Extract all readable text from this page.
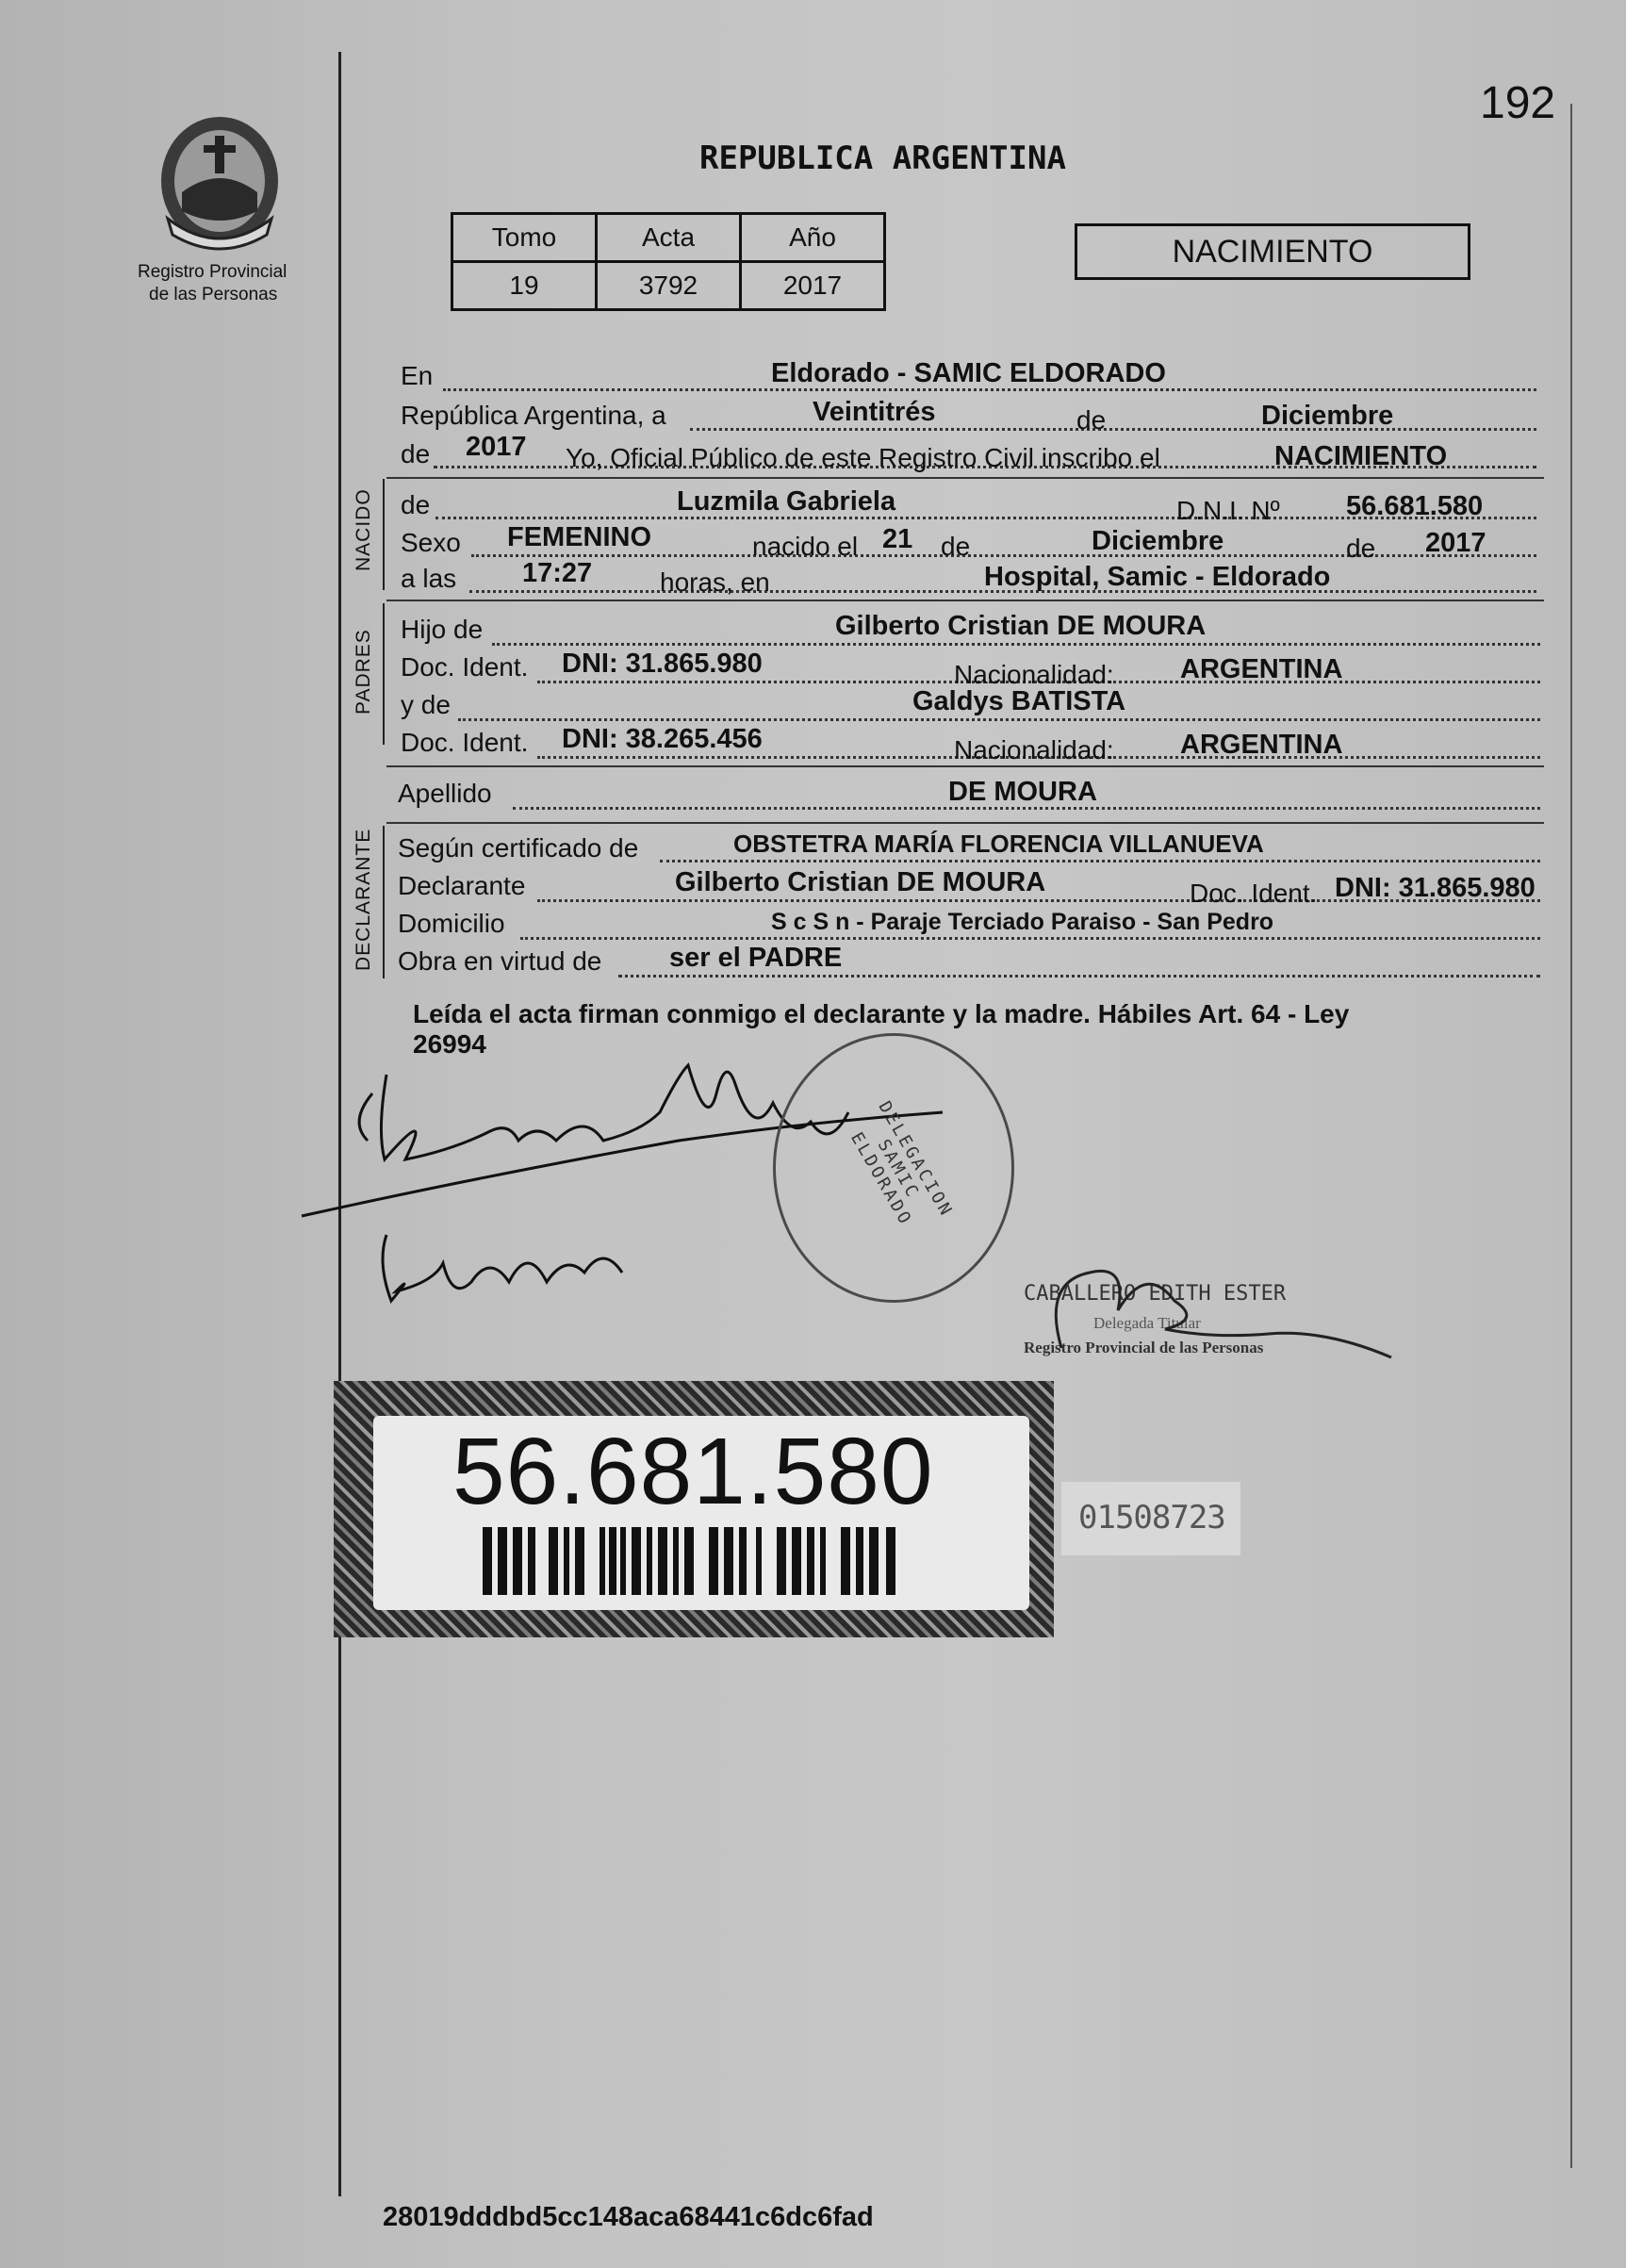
192
Registro Provincial
de las Personas
REPUBLICA ARGENTINA
Tomo	Acta	Año
19	3792	2017
NACIMIENTO
En	Eldorado - SAMIC ELDORADO
República Argentina, a	Veintitrés	de	Diciembre
de 2017 Yo, Oficial Público de este Registro Civil inscribo el	NACIMIENTO
NACIDO de	Luzmila Gabriela	D.N.I. Nº 56.681.580
Sexo FEMENINO	nacido el 21 de	Diciembre	de 2017
a las 17:27	horas, en	Hospital, Samic - Eldorado
PADRES Hijo de	Gilberto Cristian DE MOURA
Doc. Ident. DNI: 31.865.980	Nacionalidad: ARGENTINA
y de	Galdys BATISTA
Doc. Ident. DNI: 38.265.456	Nacionalidad: ARGENTINA
Apellido	DE MOURA
DECLARANTE Según certificado de	OBSTETRA MARÍA FLORENCIA VILLANUEVA
Declarante	Gilberto Cristian DE MOURA	Doc. Ident. DNI: 31.865.980
Domicilio	S c S n - Paraje Terciado Paraiso - San Pedro
Obra en virtud de ser el PADRE
Leída el acta firman conmigo el declarante y la madre. Hábiles Art. 64 - Ley
26994
DELEGACION SAMIC ELDORADO
CABALLERO EDITH ESTER
Delegada Titular
Registro Provincial de las Personas
56.681.580	01508723
28019dddbd5cc148aca68441c6dc6fad
